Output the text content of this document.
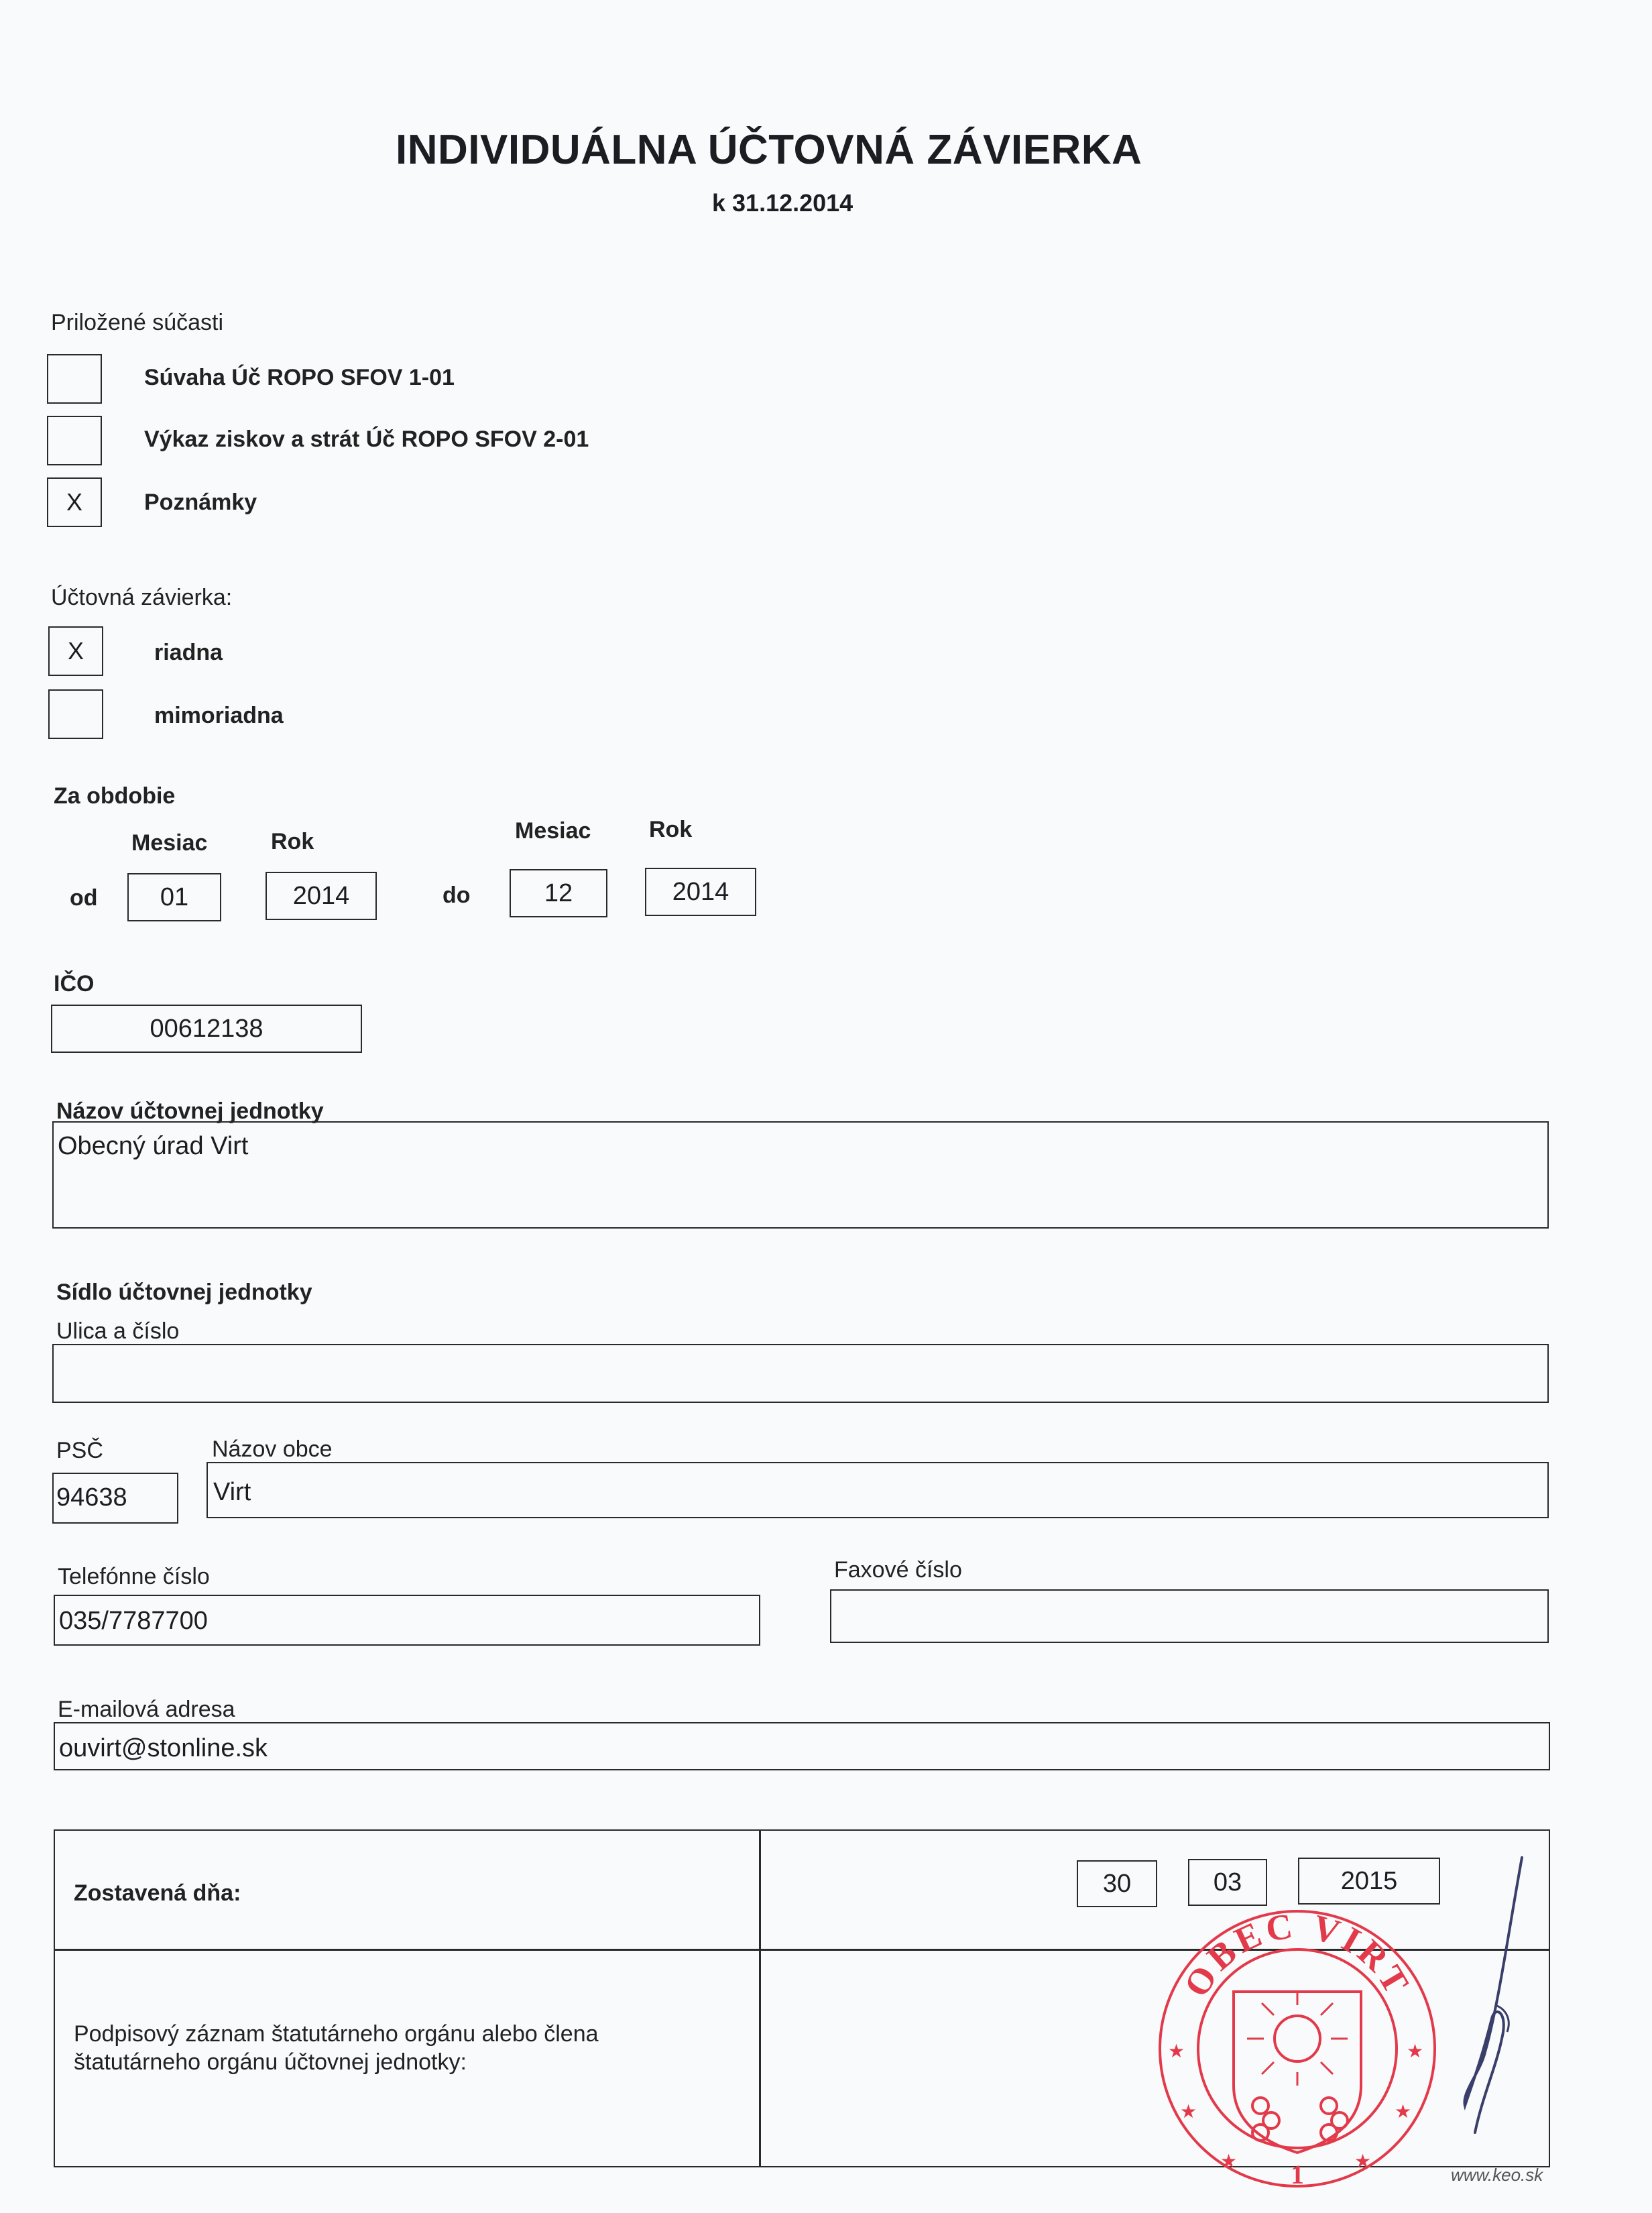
INDIVIDUÁLNA ÚČTOVNÁ ZÁVIERKA
k 31.12.2014
Priložené súčasti
Súvaha Úč ROPO SFOV 1-01
Výkaz ziskov a strát Úč ROPO SFOV 2-01
X	Poznámky
Účtovná závierka:
X	riadna
mimoriadna
Za obdobie
Mesiac	Rok	Mesiac	Rok
od	01	2014	do	12	2014
IČO
00612138
Názov účtovnej jednotky
Obecný úrad Virt
Sídlo účtovnej jednotky
Ulica a číslo
PSČ	Názov obce
94638	Virt
Telefónne číslo
035/7787700
Faxové číslo
E-mailová adresa
ouvirt@stonline.sk
Zostavená dňa:	30	03	2015
Podpisový záznam štatutárneho orgánu alebo člena
štatutárneho orgánu účtovnej jednotky:
OBEC VIRT
★	★
★	★
★	★
1	www.keo.sk
